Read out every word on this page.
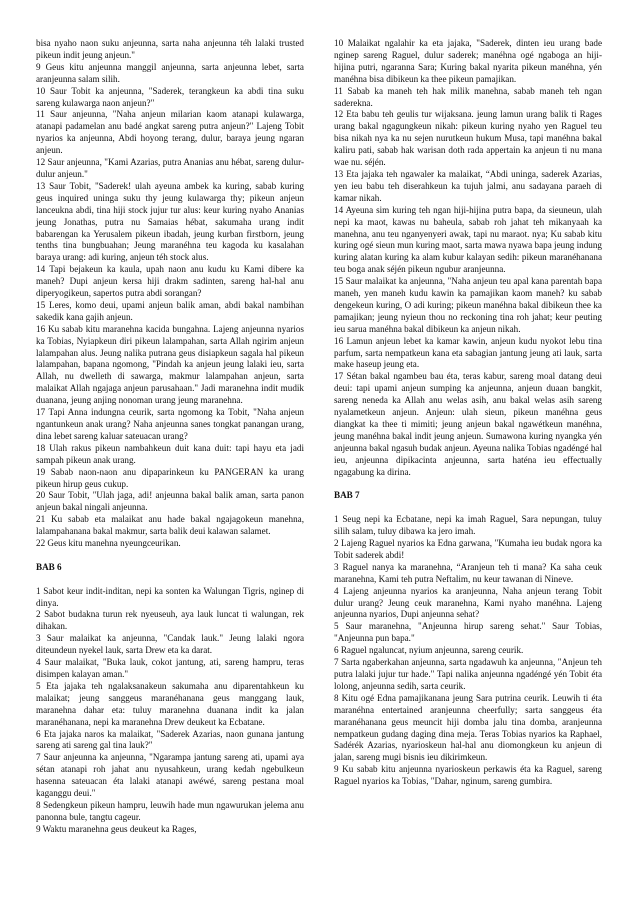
bisa nyaho naon suku anjeunna, sarta naha anjeunna téh lalaki trusted pikeun indit jeung anjeun."

9 Geus kitu anjeunna manggil anjeunna, sarta anjeunna lebet, sarta aranjeunna salam silih.

10 Saur Tobit ka anjeunna, "Saderek, terangkeun ka abdi tina suku sareng kulawarga naon anjeun?"

11 Saur anjeunna, "Naha anjeun milarian kaom atanapi kulawarga, atanapi padamelan anu badé angkat sareng putra anjeun?" Lajeng Tobit nyarios ka anjeunna, Abdi hoyong terang, dulur, baraya jeung ngaran anjeun.

12 Saur anjeunna, "Kami Azarias, putra Ananias anu hébat, sareng dulur-dulur anjeun."

13 Saur Tobit, "Saderek! ulah ayeuna ambek ka kuring, sabab kuring geus inquired uninga suku thy jeung kulawarga thy; pikeun anjeun lanceukna abdi, tina hiji stock jujur tur alus: keur kuring nyaho Ananias jeung Jonathas, putra nu Samaias hébat, sakumaha urang indit babarengan ka Yerusalem pikeun ibadah, jeung kurban firstborn, jeung tenths tina bungbuahan; Jeung maranéhna teu kagoda ku kasalahan baraya urang: adi kuring, anjeun téh stock alus.

14 Tapi bejakeun ka kaula, upah naon anu kudu ku Kami dibere ka maneh? Dupi anjeun kersa hiji drakm sadinten, sareng hal-hal anu diperyogikeun, sapertos putra abdi sorangan?

15 Leres, komo deui, upami anjeun balik aman, abdi bakal nambihan sakedik kana gajih anjeun.

16 Ku sabab kitu maranehna kacida bungahna. Lajeng anjeunna nyarios ka Tobias, Nyiapkeun diri pikeun lalampahan, sarta Allah ngirim anjeun lalampahan alus. Jeung nalika putrana geus disiapkeun sagala hal pikeun lalampahan, bapana ngomong, "Pindah ka anjeun jeung lalaki ieu, sarta Allah, nu dwelleth di sawarga, makmur lalampahan anjeun, sarta malaikat Allah ngajaga anjeun parusahaan." Jadi maranehna indit mudik duanana, jeung anjing nonoman urang jeung maranehna.

17 Tapi Anna indungna ceurik, sarta ngomong ka Tobit, "Naha anjeun ngantunkeun anak urang? Naha anjeunna sanes tongkat panangan urang, dina lebet sareng kaluar sateuacan urang?

18 Ulah rakus pikeun nambahkeun duit kana duit: tapi hayu eta jadi sampah pikeun anak urang.

19 Sabab naon-naon anu dipaparinkeun ku PANGERAN ka urang pikeun hirup geus cukup.

20 Saur Tobit, "Ulah jaga, adi! anjeunna bakal balik aman, sarta panon anjeun bakal ningali anjeunna.

21 Ku sabab eta malaikat anu hade bakal ngajagokeun manehna, lalampahanana bakal makmur, sarta balik deui kalawan salamet.

22 Geus kitu manehna nyeungceurikan.

BAB 6

1 Sabot keur indit-inditan, nepi ka sonten ka Walungan Tigris, nginep di dinya.

2 Sabot budakna turun rek nyeuseuh, aya lauk luncat ti walungan, rek dihakan.

3 Saur malaikat ka anjeunna, "Candak lauk." Jeung lalaki ngora diteundeun nyekel lauk, sarta Drew eta ka darat.

4 Saur malaikat, "Buka lauk, cokot jantung, ati, sareng hampru, teras disimpen kalayan aman."

5 Eta jajaka teh ngalaksanakeun sakumaha anu diparentahkeun ku malaikat; jeung sanggeus maranéhanana geus manggang lauk, maranehna dahar eta: tuluy maranehna duanana indit ka jalan maranéhanana, nepi ka maranehna Drew deukeut ka Ecbatane.

6 Eta jajaka naros ka malaikat, "Saderek Azarias, naon gunana jantung sareng ati sareng gal tina lauk?"

7 Saur anjeunna ka anjeunna, "Ngarampa jantung sareng ati, upami aya sétan atanapi roh jahat anu nyusahkeun, urang kedah ngebulkeun hasenna sateuacan éta lalaki atanapi awéwé, sareng pestana moal kaganggu deui."

8 Sedengkeun pikeun hampru, leuwih hade mun ngawurukan jelema anu panonna bule, tangtu cageur.

9 Waktu maranehna geus deukeut ka Rages,

10 Malaikat ngalahir ka eta jajaka, "Saderek, dinten ieu urang bade nginep sareng Raguel, dulur saderek; manéhna ogé ngaboga an hiji-hijina putri, ngaranna Sara; Kuring bakal nyarita pikeun manéhna, yén manéhna bisa dibikeun ka thee pikeun pamajikan.

11 Sabab ka maneh teh hak milik manehna, sabab maneh teh ngan saderekna.

12 Eta babu teh geulis tur wijaksana. jeung lamun urang balik ti Rages urang bakal ngagungkeun nikah: pikeun kuring nyaho yen Raguel teu bisa nikah nya ka nu sejen nurutkeun hukum Musa, tapi manéhna bakal kaliru pati, sabab hak warisan doth rada appertain ka anjeun ti nu mana wae nu. séjén.

13 Eta jajaka teh ngawaler ka malaikat, “Abdi uninga, saderek Azarias, yen ieu babu teh diserahkeun ka tujuh jalmi, anu sadayana paraeh di kamar nikah.

14 Ayeuna sim kuring teh ngan hiji-hijina putra bapa, da sieuneun, ulah nepi ka maot, kawas nu baheula, sabab roh jahat teh mikanyaah ka manehna, anu teu nganyenyeri awak, tapi nu maraot. nya; Ku sabab kitu kuring ogé sieun mun kuring maot, sarta mawa nyawa bapa jeung indung kuring alatan kuring ka alam kubur kalayan sedih: pikeun maranéhanana teu boga anak séjén pikeun ngubur aranjeunna.

15 Saur malaikat ka anjeunna, "Naha anjeun teu apal kana parentah bapa maneh, yen maneh kudu kawin ka pamajikan kaom maneh? ku sabab dengekeun kuring, O adi kuring; pikeun manéhna bakal dibikeun thee ka pamajikan; jeung nyieun thou no reckoning tina roh jahat; keur peuting ieu sarua manéhna bakal dibikeun ka anjeun nikah.

16 Lamun anjeun lebet ka kamar kawin, anjeun kudu nyokot lebu tina parfum, sarta nempatkeun kana eta sabagian jantung jeung ati lauk, sarta make haseup jeung eta.

17 Sétan bakal ngambeu bau éta, teras kabur, sareng moal datang deui deui: tapi upami anjeun sumping ka anjeunna, anjeun duaan bangkit, sareng neneda ka Allah anu welas asih, anu bakal welas asih sareng nyalametkeun anjeun. Anjeun: ulah sieun, pikeun manéhna geus diangkat ka thee ti mimiti; jeung anjeun bakal ngawétkeun manéhna, jeung manéhna bakal indit jeung anjeun. Sumawona kuring nyangka yén anjeunna bakal ngasuh budak anjeun. Ayeuna nalika Tobias ngadéngé hal ieu, anjeunna dipikacinta anjeunna, sarta haténa ieu effectually ngagabung ka dirina.

BAB 7

1 Seug nepi ka Ecbatane, nepi ka imah Raguel, Sara nepungan, tuluy silih salam, tuluy dibawa ka jero imah.

2 Lajeng Raguel nyarios ka Edna garwana, "Kumaha ieu budak ngora ka Tobit saderek abdi!

3 Raguel nanya ka maranehna, “Aranjeun teh ti mana? Ka saha ceuk maranehna, Kami teh putra Neftalim, nu keur tawanan di Nineve.

4 Lajeng anjeunna nyarios ka aranjeunna, Naha anjeun terang Tobit dulur urang? Jeung ceuk maranehna, Kami nyaho manéhna. Lajeng anjeunna nyarios, Dupi anjeunna sehat?

5 Saur maranehna, "Anjeunna hirup sareng sehat." Saur Tobias, "Anjeunna pun bapa."

6 Raguel ngaluncat, nyium anjeunna, sareng ceurik.

7 Sarta ngaberkahan anjeunna, sarta ngadawuh ka anjeunna, "Anjeun teh putra lalaki jujur tur hade." Tapi nalika anjeunna ngadéngé yén Tobit éta lolong, anjeunna sedih, sarta ceurik.

8 Kitu ogé Edna pamajikanana jeung Sara putrina ceurik. Leuwih ti éta maranéhna entertained aranjeunna cheerfully; sarta sanggeus éta maranéhanana geus meuncit hiji domba jalu tina domba, aranjeunna nempatkeun gudang daging dina meja. Teras Tobias nyarios ka Raphael, Sadérék Azarias, nyarioskeun hal-hal anu diomongkeun ku anjeun di jalan, sareng mugi bisnis ieu dikirimkeun.

9 Ku sabab kitu anjeunna nyarioskeun perkawis éta ka Raguel, sareng Raguel nyarios ka Tobias, "Dahar, nginum, sareng gumbira.
